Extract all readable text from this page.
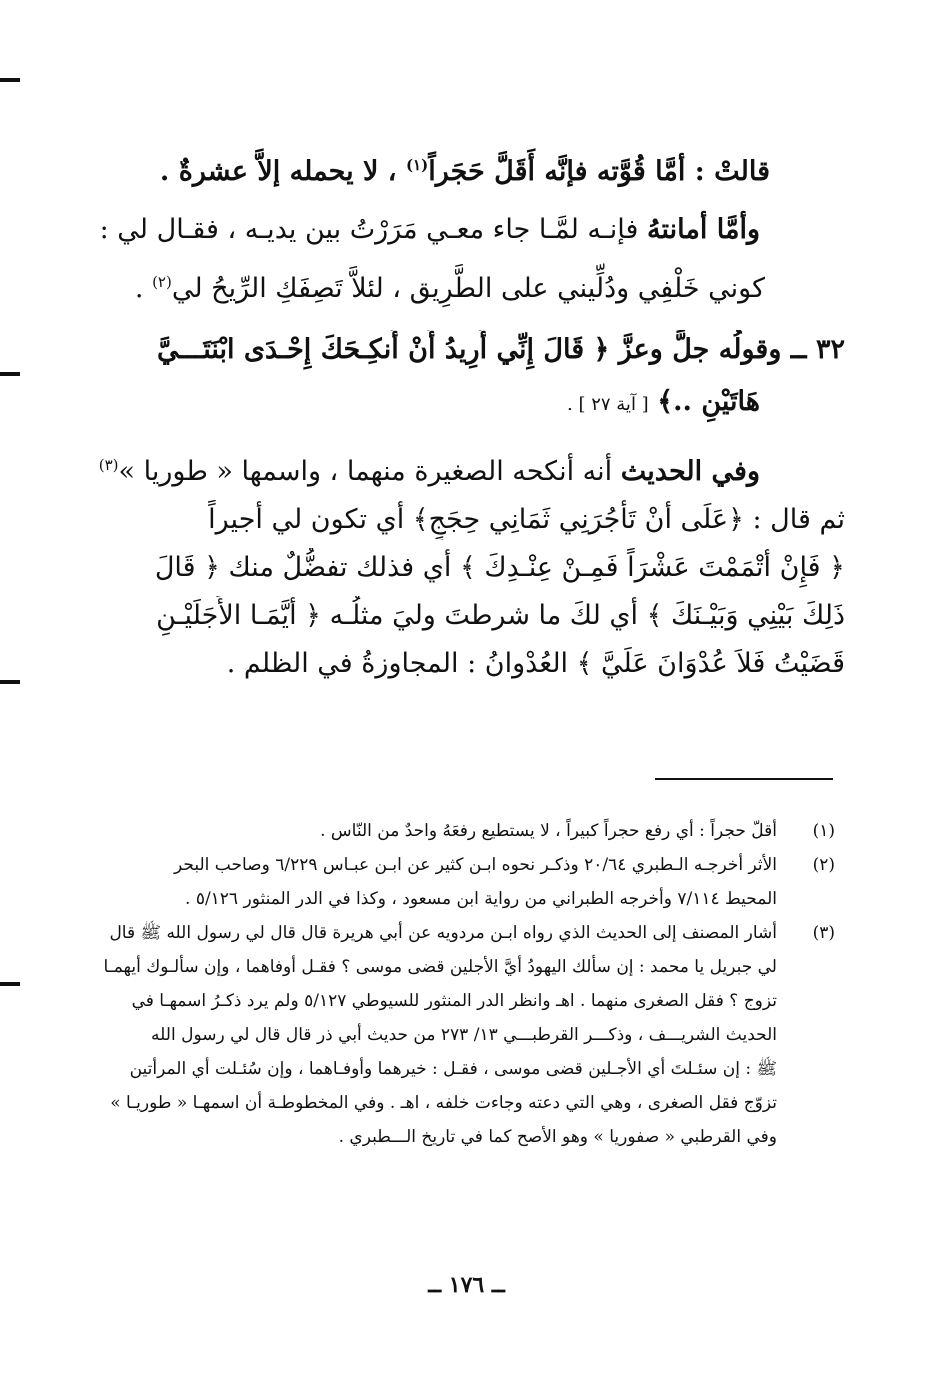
قالتْ : أمَّا قُوَّته فإنَّه أَقَلَّ حَجَراً$^{(١)}$ ، لا يحمله إلاَّ عشرةٌ .
وأمَّا أمانتهُ فإنـه لمَّـا جاء معـي مَرَرْتُ بين يديـه ، فقـال لي :
كوني خَلْفِي ودُلِّيني على الطَّرِيق ، لئلاَّ تَصِفَكِ الرِّيحُ لي$^{(٢)}$ .
٣٢ ــ وقولُه جلَّ وعزَّ ﴿ قَالَ إِنِّي أُرِيدُ أَنْ أُنكِـحَكَ إِحْـدَى ابْنَتَـــيَّ
هَاتَيْنِ ..﴾ [ آية ٢٧ ] .
وفي الحديث أنه أنكحه الصغيرة منهما ، واسمها « طوريا »$^{(٣)}$
ثم قال : ﴿عَلَى أَنْ تَأْجُرَنِي ثَمَانِي حِجَجٍ﴾ أي تكون لي أجيراً
﴿ فَإِنْ أَتْمَمْتَ عَشْرَاً فَمِـنْ عِنْـدِكَ ﴾ أي فذلك تفضُّلٌ منك ﴿ قَالَ
ذَلِكَ بَيْنِي وَبَيْـنَكَ ﴾ أي لكَ ما شرطتَ وليَ مثلُـه ﴿ أَيَّمَـا الأَجَلَيْـنِ
قَضَيْتُ فَلاَ عُدْوَانَ عَلَيَّ ﴾ العُدْوانُ : المجاوزةُ في الظلم .
(١)
أقلّ حجراً : أي رفع حجراً كبيراً ، لا يستطيع رفعَهُ واحدٌ من النّاس .
(٢)
الأثر أخرجـه الـطبري ٢٠/٦٤ وذكـر نحوه ابـن كثير عن ابـن عبـاس ٦/٢٢٩ وصاحب البحر
المحيط ٧/١١٤ وأخرجه الطبراني من رواية ابن مسعود ، وكذا في الدر المنثور ٥/١٢٦ .
(٣)
أشار المصنف إلى الحديث الذي رواه ابـن مردويه عن أبي هريرة قال قال لي رسول الله ﷺ قال
لي جبريل يا محمد : إن سألك اليهودُ أيَّ الأجلين قضى موسى ؟ فقـل أوفاهما ، وإن سألـوك أيهمـا
تزوج ؟ فقل الصغرى منهما . اهـ وانظر الدر المنثور للسيوطي ٥/١٢٧ ولم يرد ذكـرُ اسمهـا في
الحديث الشريـــف ، وذكـــر القرطبـــي ١٣/ ٢٧٣ من حديث أبي ذر قال قال لي رسول الله
ﷺ : إن سئـلتَ أي الأجـلين قضى موسى ، فقـل : خيرهما وأوفـاهما ، وإن سُئـلت أي المرأتين
تزوّج فقل الصغرى ، وهي التي دعته وجاءت خلفه ، اهـ . وفي المخطوطـة أن اسمهـا « طوريـا »
وفي القرطبي « صفوريا » وهو الأصح كما في تاريخ الـــطبري .
ــ ١٧٦ ــ
